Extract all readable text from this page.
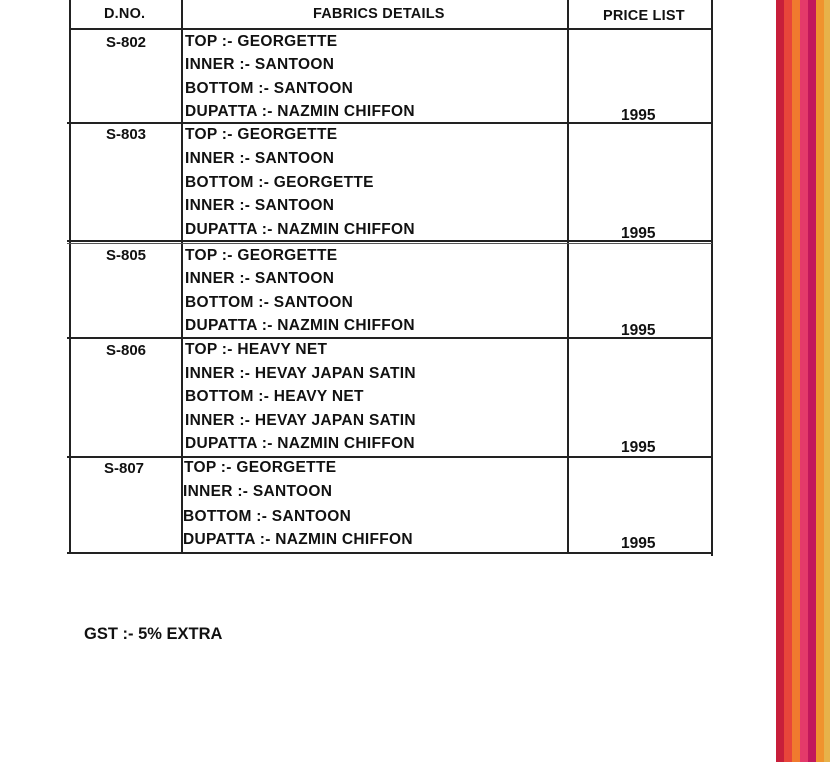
D.NO.	FABRICS DETAILS	PRICE LIST
S-802	TOP :- GEORGETTE
INNER :- SANTOON
BOTTOM :- SANTOON
DUPATTA :- NAZMIN CHIFFON	1995
S-803	TOP :- GEORGETTE
INNER :- SANTOON
BOTTOM :- GEORGETTE
INNER :- SANTOON
DUPATTA :- NAZMIN CHIFFON	1995
S-805	TOP :- GEORGETTE
INNER :- SANTOON
BOTTOM :- SANTOON
DUPATTA :- NAZMIN CHIFFON	1995
S-806	TOP :- HEAVY NET
INNER :- HEVAY JAPAN SATIN
BOTTOM :- HEAVY NET
INNER :- HEVAY JAPAN SATIN
DUPATTA :- NAZMIN CHIFFON	1995
S-807	TOP :- GEORGETTE
INNER :- SANTOON
BOTTOM :- SANTOON
DUPATTA :- NAZMIN CHIFFON	1995
GST :- 5% EXTRA
